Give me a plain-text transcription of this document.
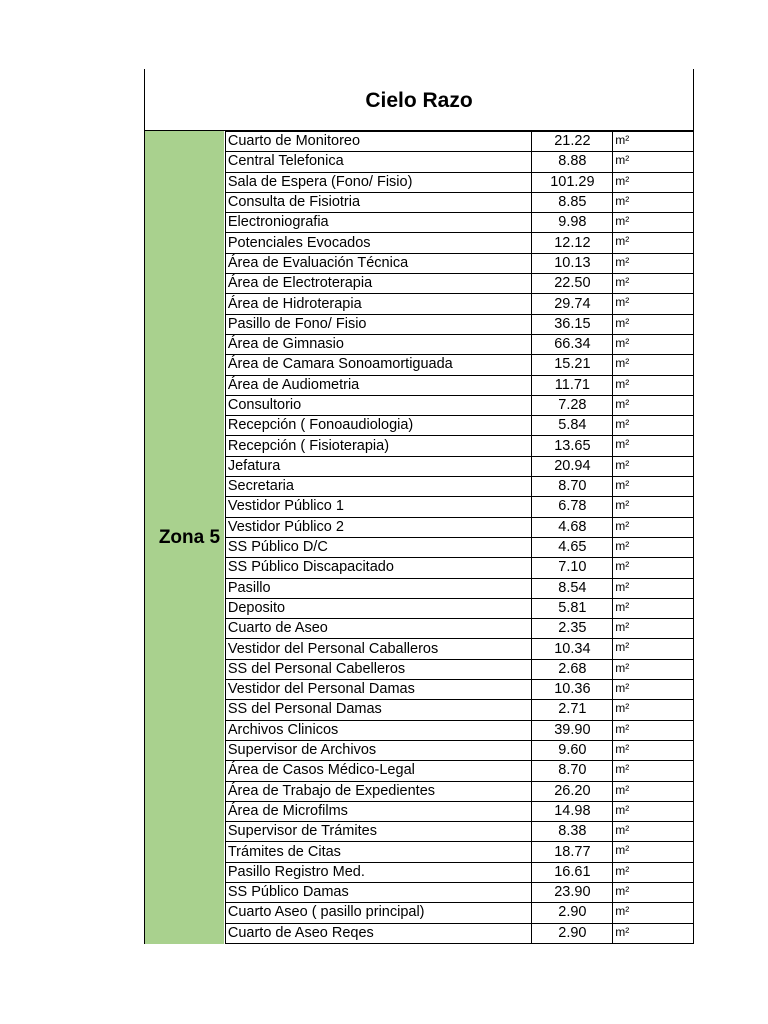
Cielo Razo
Zona 5
Cuarto de Monitoreo	21.22	m²
Central Telefonica	8.88	m²
Sala de Espera (Fono/ Fisio)	101.29	m²
Consulta de Fisiotria	8.85	m²
Electroniografia	9.98	m²
Potenciales Evocados	12.12	m²
Área de Evaluación Técnica	10.13	m²
Área de Electroterapia	22.50	m²
Área de Hidroterapia	29.74	m²
Pasillo de Fono/ Fisio	36.15	m²
Área de Gimnasio	66.34	m²
Área de Camara Sonoamortiguada	15.21	m²
Área de Audiometria	11.71	m²
Consultorio	7.28	m²
Recepción ( Fonoaudiologia)	5.84	m²
Recepción ( Fisioterapia)	13.65	m²
Jefatura	20.94	m²
Secretaria	8.70	m²
Vestidor Público 1	6.78	m²
Vestidor Público 2	4.68	m²
SS Público D/C	4.65	m²
SS Público Discapacitado	7.10	m²
Pasillo	8.54	m²
Deposito	5.81	m²
Cuarto de Aseo	2.35	m²
Vestidor del Personal Caballeros	10.34	m²
SS del Personal Cabelleros	2.68	m²
Vestidor del Personal Damas	10.36	m²
SS del Personal Damas	2.71	m²
Archivos Clinicos	39.90	m²
Supervisor de Archivos	9.60	m²
Área de Casos Médico-Legal	8.70	m²
Área de Trabajo de Expedientes	26.20	m²
Área de Microfilms	14.98	m²
Supervisor de Trámites	8.38	m²
Trámites de Citas	18.77	m²
Pasillo Registro Med.	16.61	m²
SS Público Damas	23.90	m²
Cuarto Aseo ( pasillo principal)	2.90	m²
Cuarto de Aseo Reqes	2.90	m²
